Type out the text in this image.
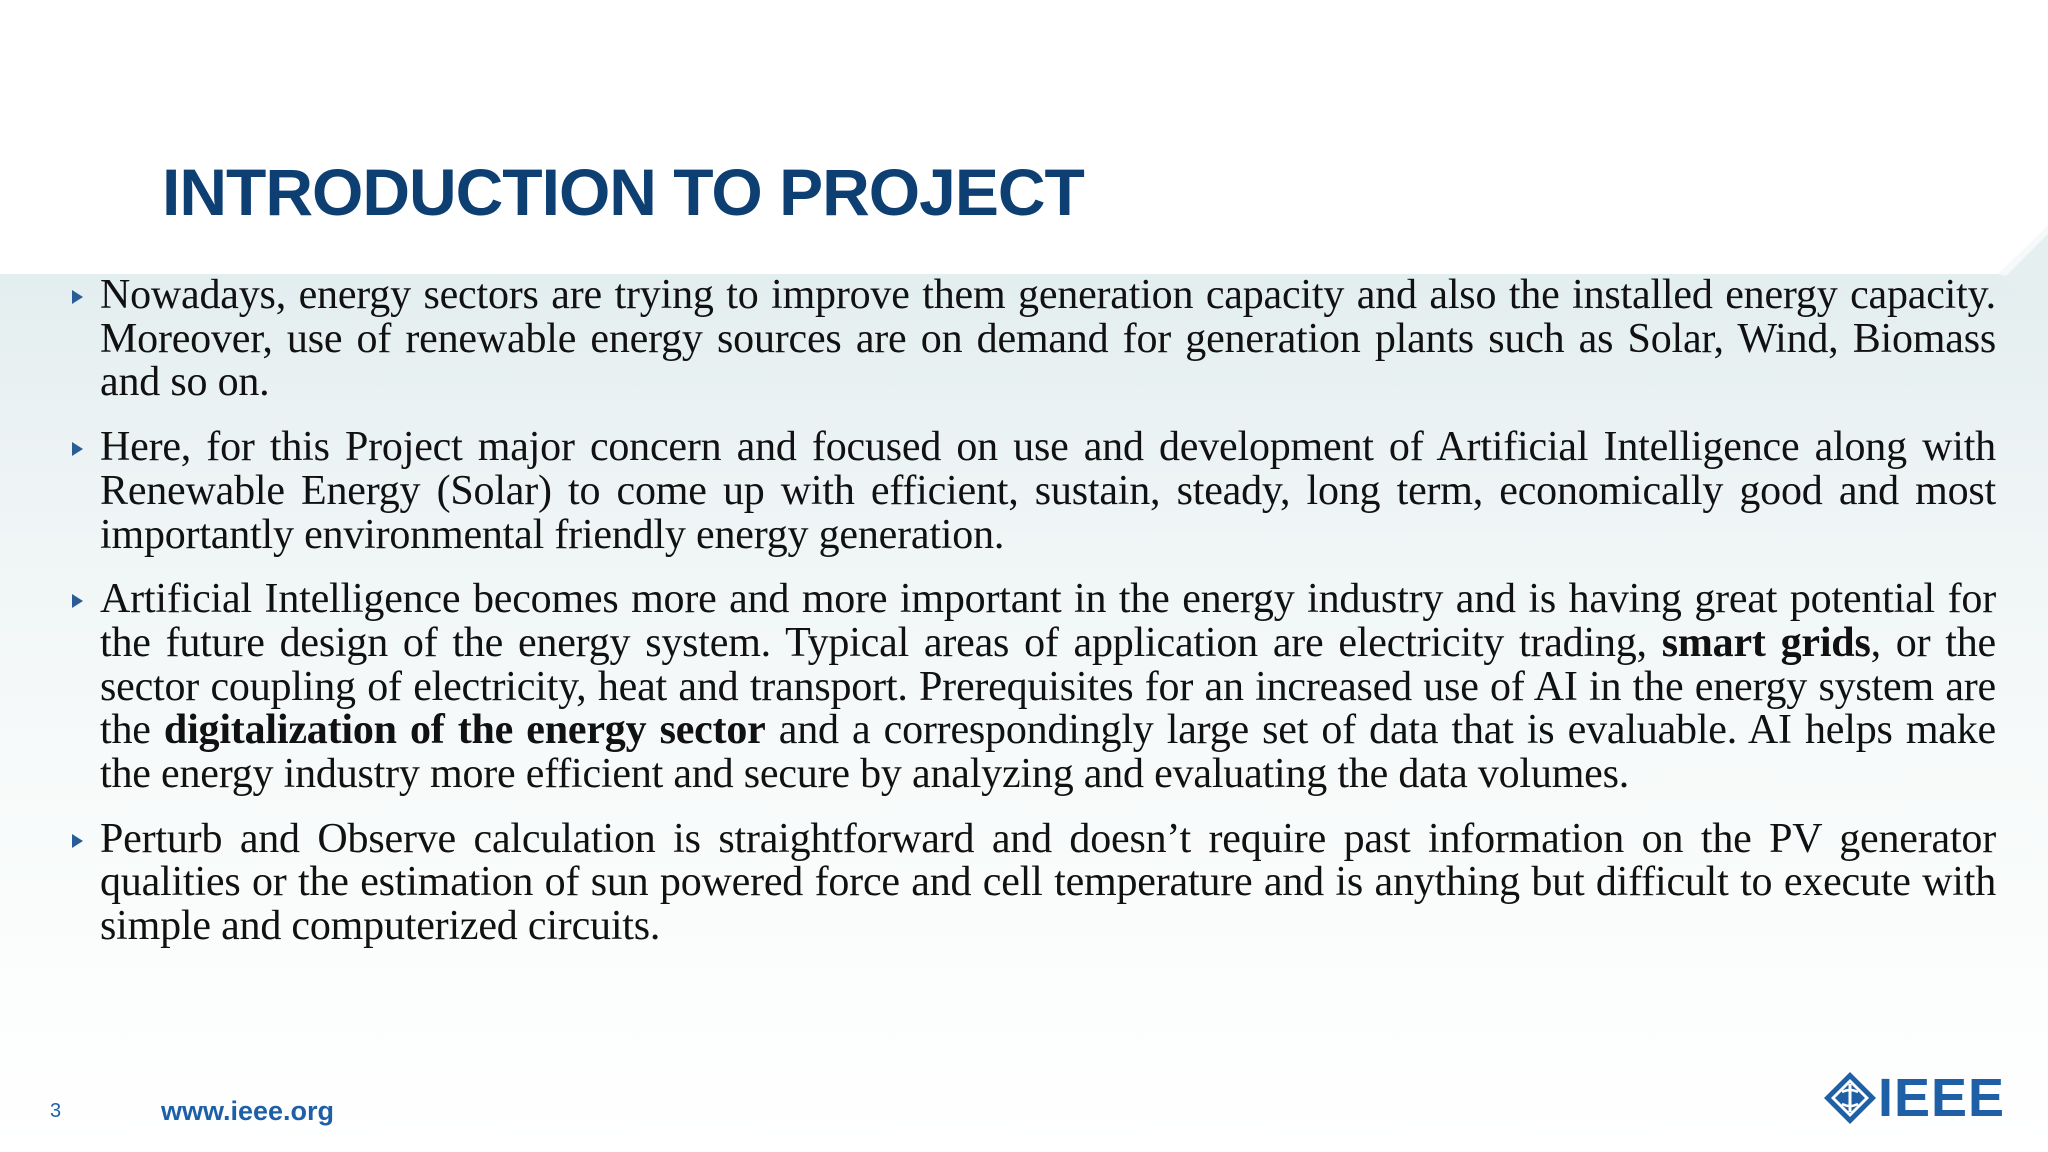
INTRODUCTION TO PROJECT

Nowadays, energy sectors are trying to improve them generation capacity and also the installed energy capacity. Moreover, use of renewable energy sources are on demand for generation plants such as Solar, Wind, Biomass and so on.

Here, for this Project major concern and focused on use and development of Artificial Intelligence along with Renewable Energy (Solar) to come up with efficient, sustain, steady, long term, economically good and most importantly environmental friendly energy generation.

Artificial Intelligence becomes more and more important in the energy industry and is having great potential for the future design of the energy system. Typical areas of application are electricity trading, smart grids, or the sector coupling of electricity, heat and transport. Prerequisites for an increased use of AI in the energy system are the digitalization of the energy sector and a correspondingly large set of data that is evaluable. AI helps make the energy industry more efficient and secure by analyzing and evaluating the data volumes.

Perturb and Observe calculation is straightforward and doesn’t require past information on the PV generator qualities or the estimation of sun powered force and cell temperature and is anything but difficult to execute with simple and computerized circuits.

3	www.ieee.org	IEEE
